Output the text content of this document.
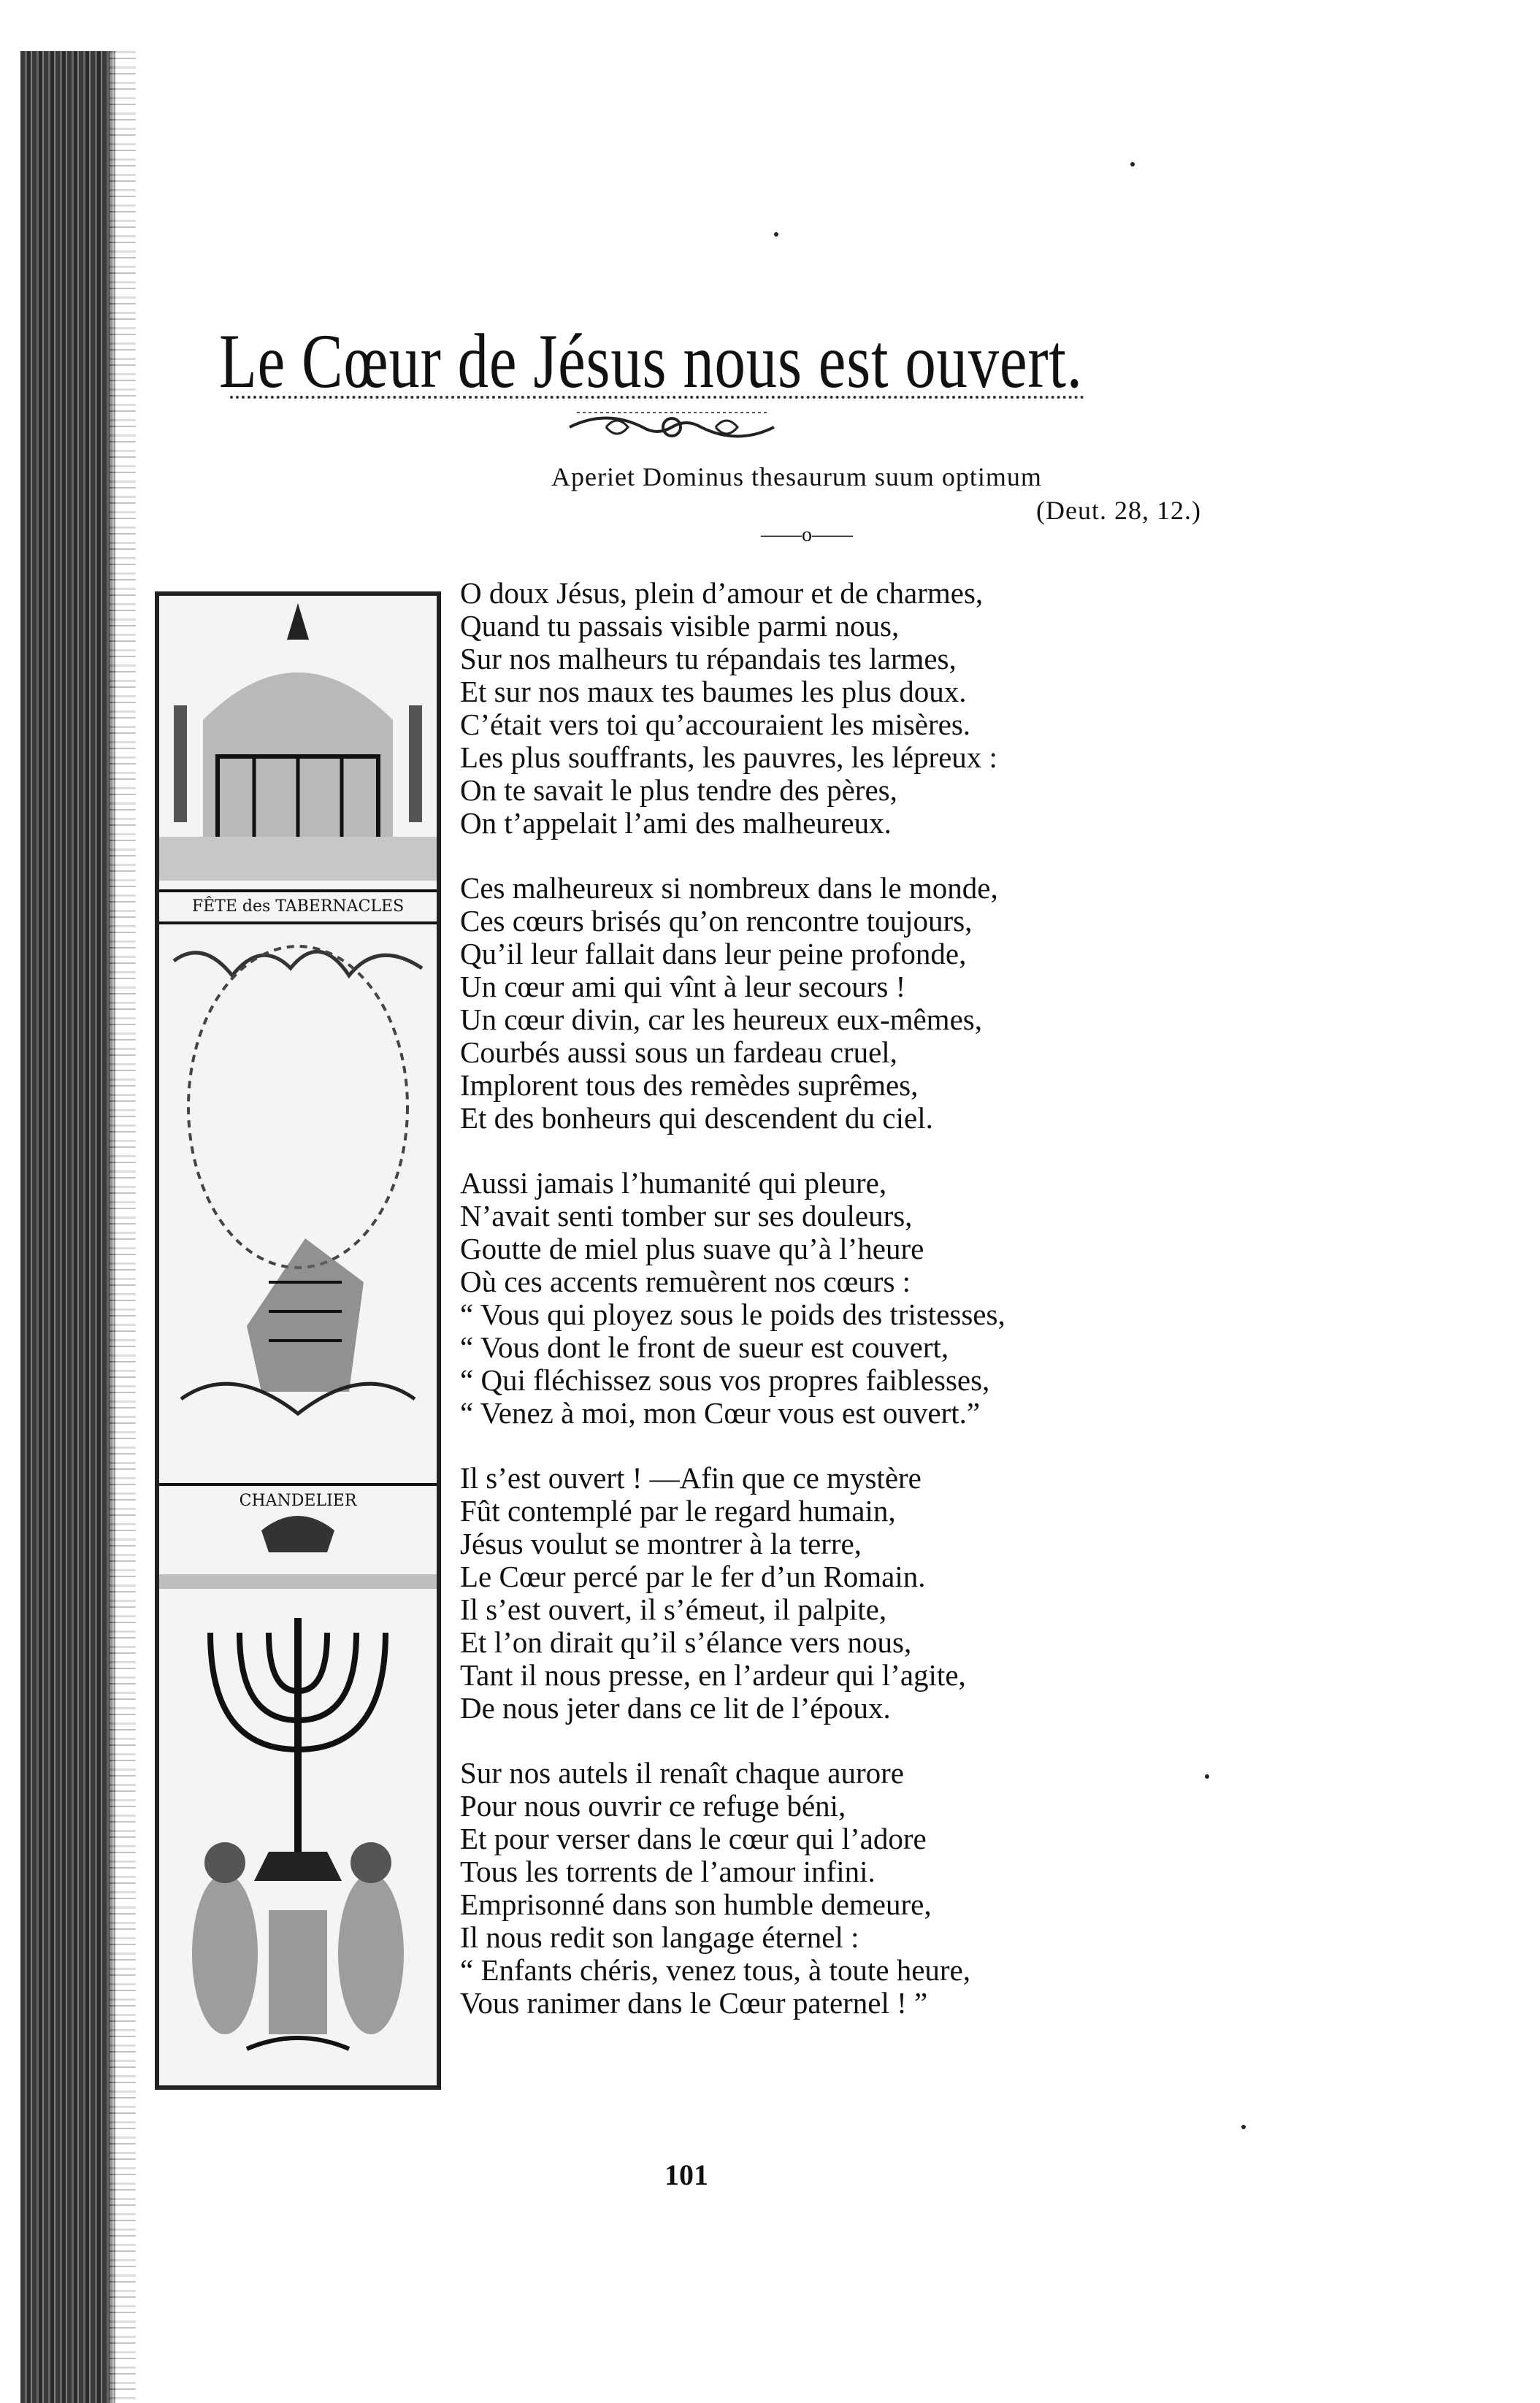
Le Cœur de Jésus nous est ouvert.
Aperiet Dominus thesaurum suum optimum
(Deut. 28, 12.)
——o——
FÊTE des TABERNACLES
CHANDELIER
O doux Jésus, plein d’amour et de charmes,
Quand tu passais visible parmi nous,
Sur nos malheurs tu répandais tes larmes,
Et sur nos maux tes baumes les plus doux.
C’était vers toi qu’accouraient les misères.
Les plus souffrants, les pauvres, les lépreux :
On te savait le plus tendre des pères,
On t’appelait l’ami des malheureux.
Ces malheureux si nombreux dans le monde,
Ces cœurs brisés qu’on rencontre toujours,
Qu’il leur fallait dans leur peine profonde,
Un cœur ami qui vînt à leur secours !
Un cœur divin, car les heureux eux-mêmes,
Courbés aussi sous un fardeau cruel,
Implorent tous des remèdes suprêmes,
Et des bonheurs qui descendent du ciel.
Aussi jamais l’humanité qui pleure,
N’avait senti tomber sur ses douleurs,
Goutte de miel plus suave qu’à l’heure
Où ces accents remuèrent nos cœurs :
“ Vous qui ployez sous le poids des tristesses,
“ Vous dont le front de sueur est couvert,
“ Qui fléchissez sous vos propres faiblesses,
“ Venez à moi, mon Cœur vous est ouvert.”
Il s’est ouvert ! —Afin que ce mystère
Fût contemplé par le regard humain,
Jésus voulut se montrer à la terre,
Le Cœur percé par le fer d’un Romain.
Il s’est ouvert, il s’émeut, il palpite,
Et l’on dirait qu’il s’élance vers nous,
Tant il nous presse, en l’ardeur qui l’agite,
De nous jeter dans ce lit de l’époux.
Sur nos autels il renaît chaque aurore
Pour nous ouvrir ce refuge béni,
Et pour verser dans le cœur qui l’adore
Tous les torrents de l’amour infini.
Emprisonné dans son humble demeure,
Il nous redit son langage éternel :
“ Enfants chéris, venez tous, à toute heure,
Vous ranimer dans le Cœur paternel ! ”
101
